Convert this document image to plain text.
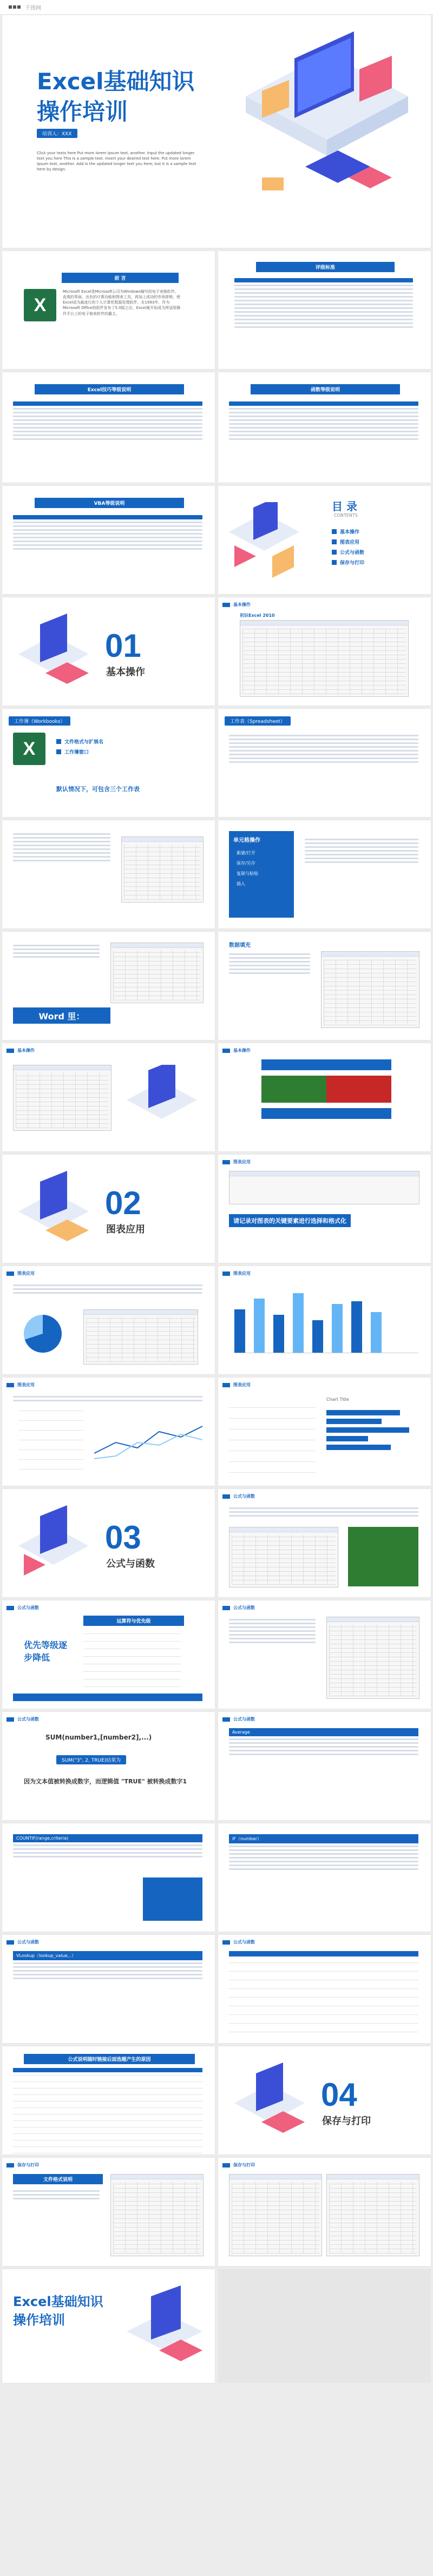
千图网
Excel基础知识
操作培训
培训人：XXX
Click your texts here Put more lorem ipsum text, another. Input the updated longer text you here This Is a sample text. Insert your desired text here. Put more lorem ipsum text, another. Add Is the updated longer text you here; but it is a sample text here by design.
前 言
X
Microsoft Excel是Microsoft公司为Windows编写的电子表格软件。直观的界面、出色的计算功能和图表工具，再加上成功的市场营销，使Excel成为最流行的个人计算机数据处理软件，在1993年，作为Microsoft Office的组件发布了5.0版之后，Excel就开始成为所适用操作平台上的电子制表软件的霸主。
评级标准
Excel技巧等级说明	函数等级说明
VBA等级说明	目 录
CONTENTS
基本操作
图表应用
公式与函数
保存与打印
01
基本操作
基本操作
初识Excel 2010
工作簿（Workbooks）
X	文件格式与扩展名
工作簿窗口
默认情况下，可包含三个工作表
工作表（Spreadsheet）
单元格操作
新建/打开
保存/另存
复制与粘贴
插入
Word 里：
数据填充
基本操作	基本操作
02
图表应用
图表应用
请记录对图表的关键要素进行选择和格式化
图表应用	图表应用
图表应用	图表应用
Chart Title
03
公式与函数
公式与函数
公式与函数
运算符与优先级
优先等级逐步降低
公式与函数
公式与函数
SUM(number1,[number2],...)
SUM("3", 2, TRUE)结果为
因为文本值被转换成数字，而逻辑值 "TRUE" 被转换成数字1
公式与函数
Average
COUNTIF(range,criteria)	IF（number）
公式与函数
VLookup（lookup_value,..）
公式与函数
公式说明随时链接后面选题产生的原因
04
保存与打印
保存与打印
文件格式说明
保存与打印
Excel基础知识
操作培训
